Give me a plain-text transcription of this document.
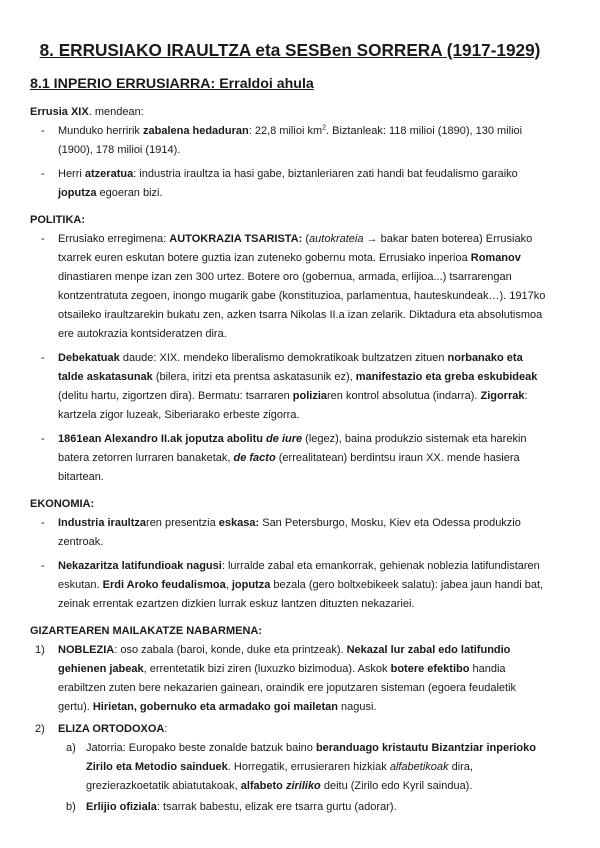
8. ERRUSIAKO IRAULTZA eta SESBen SORRERA (1917-1929)
8.1 INPERIO ERRUSIARRA: Erraldoi ahula

Errusia XIX. mendean:

- Munduko herririk zabalena hedaduran: 22,8 milioi $km^2$. Biztanleak: 118 milioi (1890), 130 milioi (1900), 178 milioi (1914).
- Herri atzeratua: industria iraultza ia hasi gabe, biztanleriaren zati handi bat feudalismo garaiko joputza egoeran bizi.

POLITIKA:

- Errusiako erregimena: AUTOKRAZIA TSARISTA: (autokrateia → bakar baten boterea) Errusiako txarrek euren eskutan botere guztia izan zuteneko gobernu mota. Errusiako inperioa Romanov dinastiaren menpe izan zen 300 urtez. Botere oro (gobernua, armada, erlijioa...) tsarrarengan kontzentratuta zegoen, inongo mugarik gabe (konstituzioa, parlamentua, hauteskundeak…). 1917ko otsaileko iraultzarekin bukatu zen, azken tsarra Nikolas II.a izan zelarik. Diktadura eta absolutismoa ere autokrazia kontsideratzen dira.
- Debekatuak daude: XIX. mendeko liberalismo demokratikoak bultzatzen zituen norbanako eta talde askatasunak (bilera, iritzi eta prentsa askatasunik ez), manifestazio eta greba eskubideak (delitu hartu, zigortzen dira). Bermatu: tsarraren poliziaren kontrol absolutua (indarra). Zigorrak: kartzela zigor luzeak, Siberiarako erbeste zigorra.
- 1861ean Alexandro II.ak joputza abolitu de iure (legez), baina produkzio sistemak eta harekin batera zetorren lurraren banaketak, de facto (errealitatean) berdintsu iraun XX. mende hasiera bitartean.

EKONOMIA:

- Industria iraultzaren presentzia eskasa: San Petersburgo, Mosku, Kiev eta Odessa produkzio zentroak.
- Nekazaritza latifundioak nagusi: lurralde zabal eta emankorrak, gehienak noblezia latifundistaren eskutan. Erdi Aroko feudalismoa, joputza bezala (gero boltxebikeek salatu): jabea jaun handi bat, zeinak errentak ezartzen dizkien lurrak eskuz lantzen dituzten nekazariei.

GIZARTEAREN MAILAKATZE NABARMENA:

1) NOBLEZIA: oso zabala (baroi, konde, duke eta printzeak). Nekazal lur zabal edo latifundio gehienen jabeak, errentetatik bizi ziren (luxuzko bizimodua). Askok botere efektibo handia erabiltzen zuten bere nekazarien gainean, oraindik ere joputzaren sisteman (egoera feudaletik gertu). Hirietan, gobernuko eta armadako goi mailetan nagusi.
2) ELIZA ORTODOXOA:
a) Jatorria: Europako beste zonalde batzuk baino beranduago kristautu Bizantziar inperioko Zirilo eta Metodio sainduek. Horregatik, errusieraren hizkiak alfabetikoak dira, grezierazkoetatik abiatutakoak, alfabeto ziriliko deitu (Zirilo edo Kyril saindua).
b) Erlijio ofiziala: tsarrak babestu, elizak ere tsarra gurtu (adorar).
